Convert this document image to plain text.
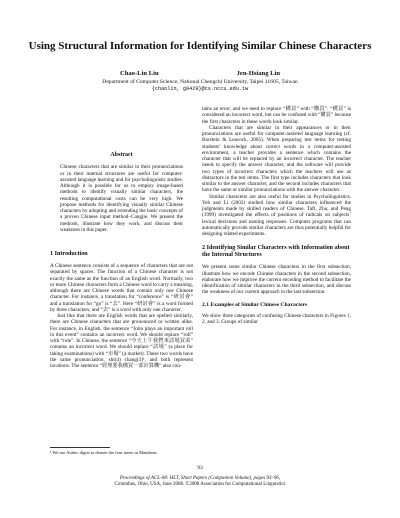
Using Structural Information for Identifying Similar Chinese Characters
Chao-Lin Liu	Jen-Hsiang Lin
Department of Computer Science, National Chengchi University, Taipei 11605, Taiwan
{chaolin, g9429}@cs.nccu.edu.tw
Abstract

Chinese characters that are similar in their pronunciations or in their internal structures are useful for computer-assisted language learning and for psycholinguistic studies. Although it is possible for us to employ image-based methods to identify visually similar characters, the resulting computational costs can be very high. We propose methods for identifying visually similar Chinese characters by adopting and extending the basic concepts of a proven Chinese input method–Cangjie. We present the methods, illustrate how they work, and discuss their weakness in this paper.

1 Introduction

A Chinese sentence consists of a sequence of characters that are not separated by spaces. The function of a Chinese character is not exactly the same as the function of an English word. Normally, two or more Chinese characters form a Chinese word to carry a meaning, although there are Chinese words that contain only one Chinese character. For instance, a translation for “conference” is “研討會” and a translation for “go” is “去”. Here “研討會” is a word formed by three characters, and “去” is a word with only one character.

Just like that there are English words that are spelled similarly, there are Chinese characters that are pronounced or written alike. For instance, in English, the sentence “John plays an important roll in this event” contains an incorrect word. We should replace “roll” with “role”. In Chinese, the sentence “今天上午我們來試場買菜” contains an incorrect word. We should replace “試場” (a place for taking examinations) with “市場” (a market). These two words have the same pronunciation, shi(4) chang(3)¹, and both represent locations. The sentence “經理要我構買一部計算機” also con-

tains an error, and we need to replace “構買” with “購買”. “構買” is considered an incorrect word, but can be confused with “購買” because the first characters in these words look similar.

Characters that are similar in their appearances or in their pronunciations are useful for computer-assisted language learning (cf. Burstein & Leacock, 2005). When preparing test items for testing students’ knowledge about correct words in a computer-assisted environment, a teacher provides a sentence which contains the character that will be replaced by an incorrect character. The teacher needs to specify the answer character, and the software will provide two types of incorrect characters which the teachers will use as distractors in the test items. The first type includes characters that look similar to the answer character, and the second includes characters that have the same or similar pronunciations with the answer character.

Similar characters are also useful for studies in Psycholinguistics. Yeh and Li (2002) studied how similar characters influenced the judgments made by skilled readers of Chinese. Taft, Zhu, and Peng (1999) investigated the effects of positions of radicals on subjects’ lexical decisions and naming responses. Computer programs that can automatically provide similar characters are thus potentially helpful for designing related experiments.

2 Identifying Similar Characters with Information about the Internal Structures

We present some similar Chinese characters in the first subsection, illustrate how we encode Chinese characters in the second subsection, elaborate how we improve the current encoding method to facilitate the identification of similar characters in the third subsection, and discuss the weakness of our current approach in the last subsection.

2.1 Examples of Similar Chinese Characters

We show three categories of confusing Chinese characters in Figures 1, 2, and 3. Groups of similar

¹ We use Arabic digits to denote the four tones in Mandarin.
93
Proceedings of ACL-08: HLT, Short Papers (Companion Volume), pages 93–96,
Columbus, Ohio, USA, June 2008. ©2008 Association for Computational Linguistics
